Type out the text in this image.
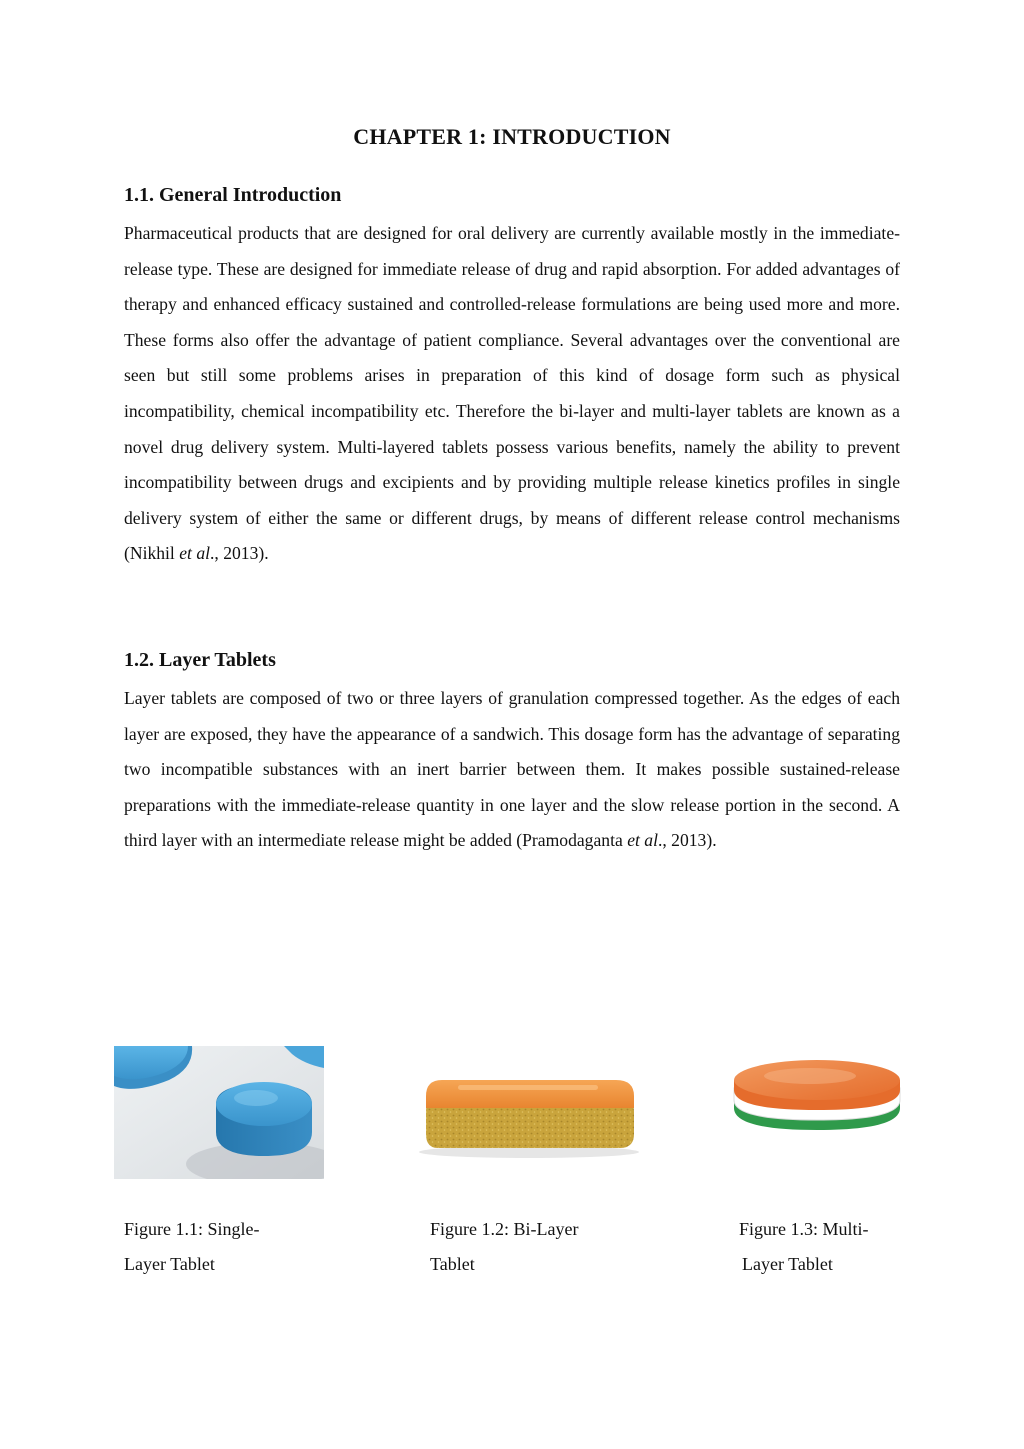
CHAPTER 1: INTRODUCTION
1.1. General Introduction

Pharmaceutical products that are designed for oral delivery are currently available mostly in the immediate-release type. These are designed for immediate release of drug and rapid absorption. For added advantages of therapy and enhanced efficacy sustained and controlled-release formulations are being used more and more. These forms also offer the advantage of patient compliance. Several advantages over the conventional are seen but still some problems arises in preparation of this kind of dosage form such as physical incompatibility, chemical incompatibility etc. Therefore the bi-layer and multi-layer tablets are known as a novel drug delivery system. Multi-layered tablets possess various benefits, namely the ability to prevent incompatibility between drugs and excipients and by providing multiple release kinetics profiles in single delivery system of either the same or different drugs, by means of different release control mechanisms (Nikhil et al., 2013).

1.2. Layer Tablets

Layer tablets are composed of two or three layers of granulation compressed together. As the edges of each layer are exposed, they have the appearance of a sandwich. This dosage form has the advantage of separating two incompatible substances with an inert barrier between them. It makes possible sustained-release preparations with the immediate-release quantity in one layer and the slow release portion in the second. A third layer with an intermediate release might be added (Pramodaganta et al., 2013).

Figure 1.1: Single-
Layer Tablet

Figure 1.2: Bi-Layer
Tablet

Figure 1.3: Multi-
Layer Tablet
